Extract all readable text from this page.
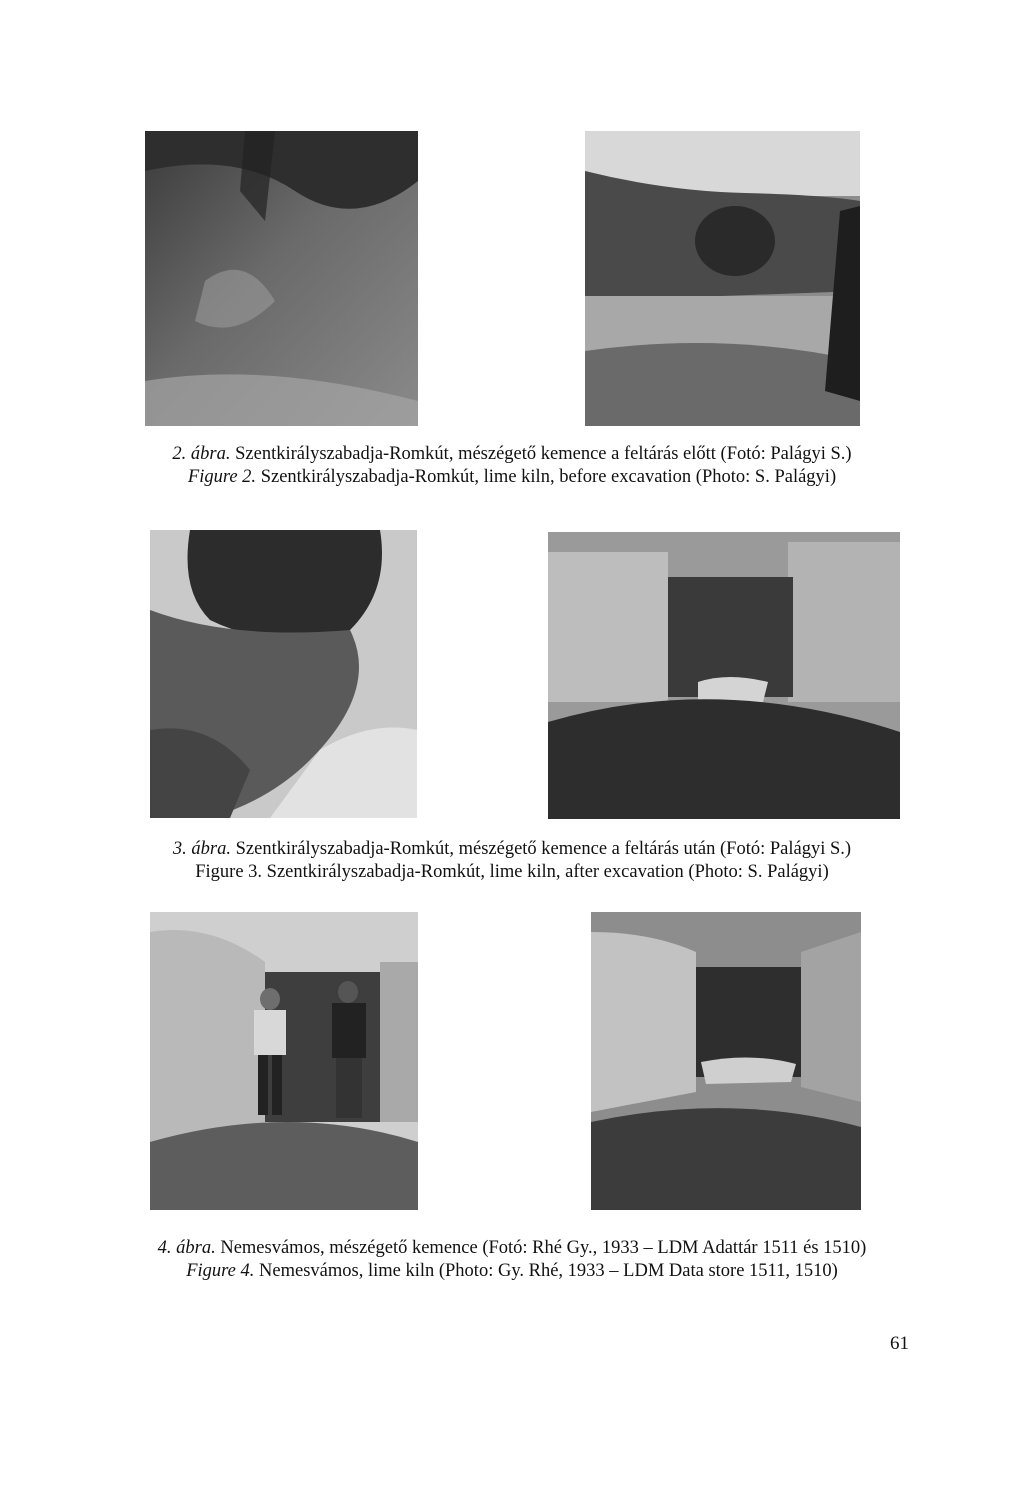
2. ábra. Szentkirályszabadja-Romkút, mészégető kemence a feltárás előtt (Fotó: Palágyi S.)
Figure 2. Szentkirályszabadja-Romkút, lime kiln, before excavation (Photo: S. Palágyi)
3. ábra. Szentkirályszabadja-Romkút, mészégető kemence a feltárás után (Fotó: Palágyi S.)
Figure 3. Szentkirályszabadja-Romkút, lime kiln, after excavation (Photo: S. Palágyi)
4. ábra. Nemesvámos, mészégető kemence (Fotó: Rhé Gy., 1933 – LDM Adattár 1511 és 1510)
Figure 4. Nemesvámos, lime kiln (Photo: Gy. Rhé, 1933 – LDM Data store 1511, 1510)
61
